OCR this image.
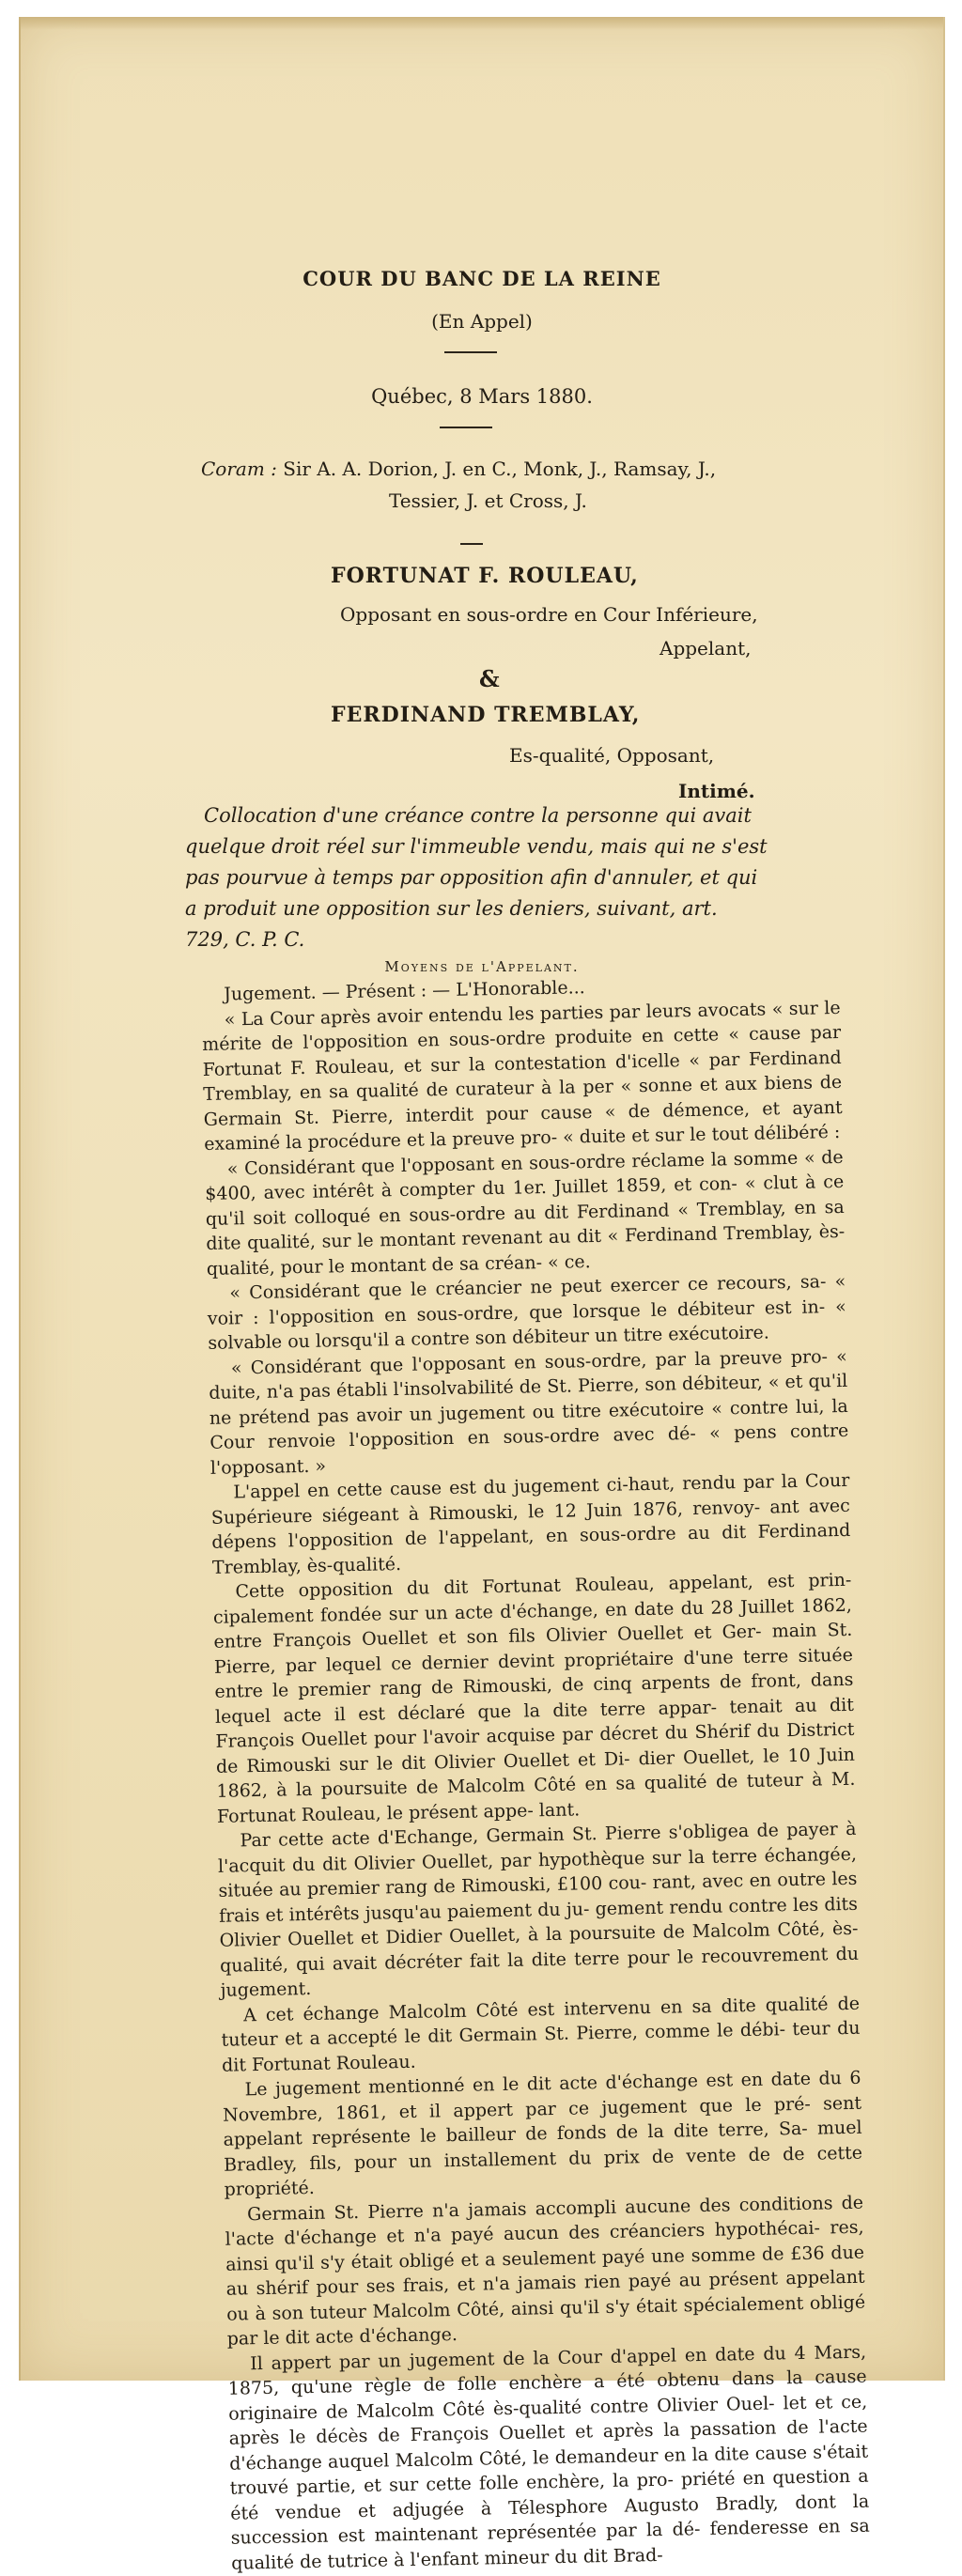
COUR DU BANC DE LA REINE
(En Appel)
Québec, 8 Mars 1880.
Coram : Sir A. A. Dorion, J. en C., Monk, J., Ramsay, J.,
Tessier, J. et Cross, J.
FORTUNAT F. ROULEAU,
Opposant en sous-ordre en Cour Inférieure,
Appelant,
&
FERDINAND TREMBLAY,
Es-qualité, Opposant,
Intimé.
Collocation d'une créance contre la personne qui avait quelque droit réel sur l'immeuble vendu, mais qui ne s'est pas pourvue à temps par opposition afin d'annuler, et qui a produit une opposition sur les deniers, suivant, art. 729, C. P. C.
Moyens de l'Appelant.

Jugement. — Présent : — L'Honorable...

« La Cour après avoir entendu les parties par leurs avocats « sur le mérite de l'opposition en sous-ordre produite en cette « cause par Fortunat F. Rouleau, et sur la contestation d'icelle « par Ferdinand Tremblay, en sa qualité de curateur à la per « sonne et aux biens de Germain St. Pierre, interdit pour cause « de démence, et ayant examiné la procédure et la preuve pro- « duite et sur le tout délibéré :

« Considérant que l'opposant en sous-ordre réclame la somme « de $400, avec intérêt à compter du 1er. Juillet 1859, et con- « clut à ce qu'il soit colloqué en sous-ordre au dit Ferdinand « Tremblay, en sa dite qualité, sur le montant revenant au dit « Ferdinand Tremblay, ès-qualité, pour le montant de sa créan- « ce.

« Considérant que le créancier ne peut exercer ce recours, sa- « voir : l'opposition en sous-ordre, que lorsque le débiteur est in- « solvable ou lorsqu'il a contre son débiteur un titre exécutoire.

« Considérant que l'opposant en sous-ordre, par la preuve pro- « duite, n'a pas établi l'insolvabilité de St. Pierre, son débiteur, « et qu'il ne prétend pas avoir un jugement ou titre exécutoire « contre lui, la Cour renvoie l'opposition en sous-ordre avec dé- « pens contre l'opposant. »

L'appel en cette cause est du jugement ci-haut, rendu par la Cour Supérieure siégeant à Rimouski, le 12 Juin 1876, renvoy- ant avec dépens l'opposition de l'appelant, en sous-ordre au dit Ferdinand Tremblay, ès-qualité.

Cette opposition du dit Fortunat Rouleau, appelant, est prin- cipalement fondée sur un acte d'échange, en date du 28 Juillet 1862, entre François Ouellet et son fils Olivier Ouellet et Ger- main St. Pierre, par lequel ce dernier devint propriétaire d'une terre située entre le premier rang de Rimouski, de cinq arpents de front, dans lequel acte il est déclaré que la dite terre appar- tenait au dit François Ouellet pour l'avoir acquise par décret du Shérif du District de Rimouski sur le dit Olivier Ouellet et Di- dier Ouellet, le 10 Juin 1862, à la poursuite de Malcolm Côté en sa qualité de tuteur à M. Fortunat Rouleau, le présent appe- lant.

Par cette acte d'Echange, Germain St. Pierre s'obligea de payer à l'acquit du dit Olivier Ouellet, par hypothèque sur la terre échangée, située au premier rang de Rimouski, £100 cou- rant, avec en outre les frais et intérêts jusqu'au paiement du ju- gement rendu contre les dits Olivier Ouellet et Didier Ouellet, à la poursuite de Malcolm Côté, ès-qualité, qui avait décréter fait la dite terre pour le recouvrement du jugement.

A cet échange Malcolm Côté est intervenu en sa dite qualité de tuteur et a accepté le dit Germain St. Pierre, comme le débi- teur du dit Fortunat Rouleau.

Le jugement mentionné en le dit acte d'échange est en date du 6 Novembre, 1861, et il appert par ce jugement que le pré- sent appelant représente le bailleur de fonds de la dite terre, Sa- muel Bradley, fils, pour un installement du prix de vente de de cette propriété.

Germain St. Pierre n'a jamais accompli aucune des conditions de l'acte d'échange et n'a payé aucun des créanciers hypothécai- res, ainsi qu'il s'y était obligé et a seulement payé une somme de £36 due au shérif pour ses frais, et n'a jamais rien payé au présent appelant ou à son tuteur Malcolm Côté, ainsi qu'il s'y était spécialement obligé par le dit acte d'échange.

Il appert par un jugement de la Cour d'appel en date du 4 Mars, 1875, qu'une règle de folle enchère a été obtenu dans la cause originaire de Malcolm Côté ès-qualité contre Olivier Ouel- let et ce, après le décès de François Ouellet et après la passation de l'acte d'échange auquel Malcolm Côté, le demandeur en la dite cause s'était trouvé partie, et sur cette folle enchère, la pro- priété en question a été vendue et adjugée à Télesphore Augusto Bradly, dont la succession est maintenant représentée par la dé- fenderesse en sa qualité de tutrice à l'enfant mineur du dit Brad-
